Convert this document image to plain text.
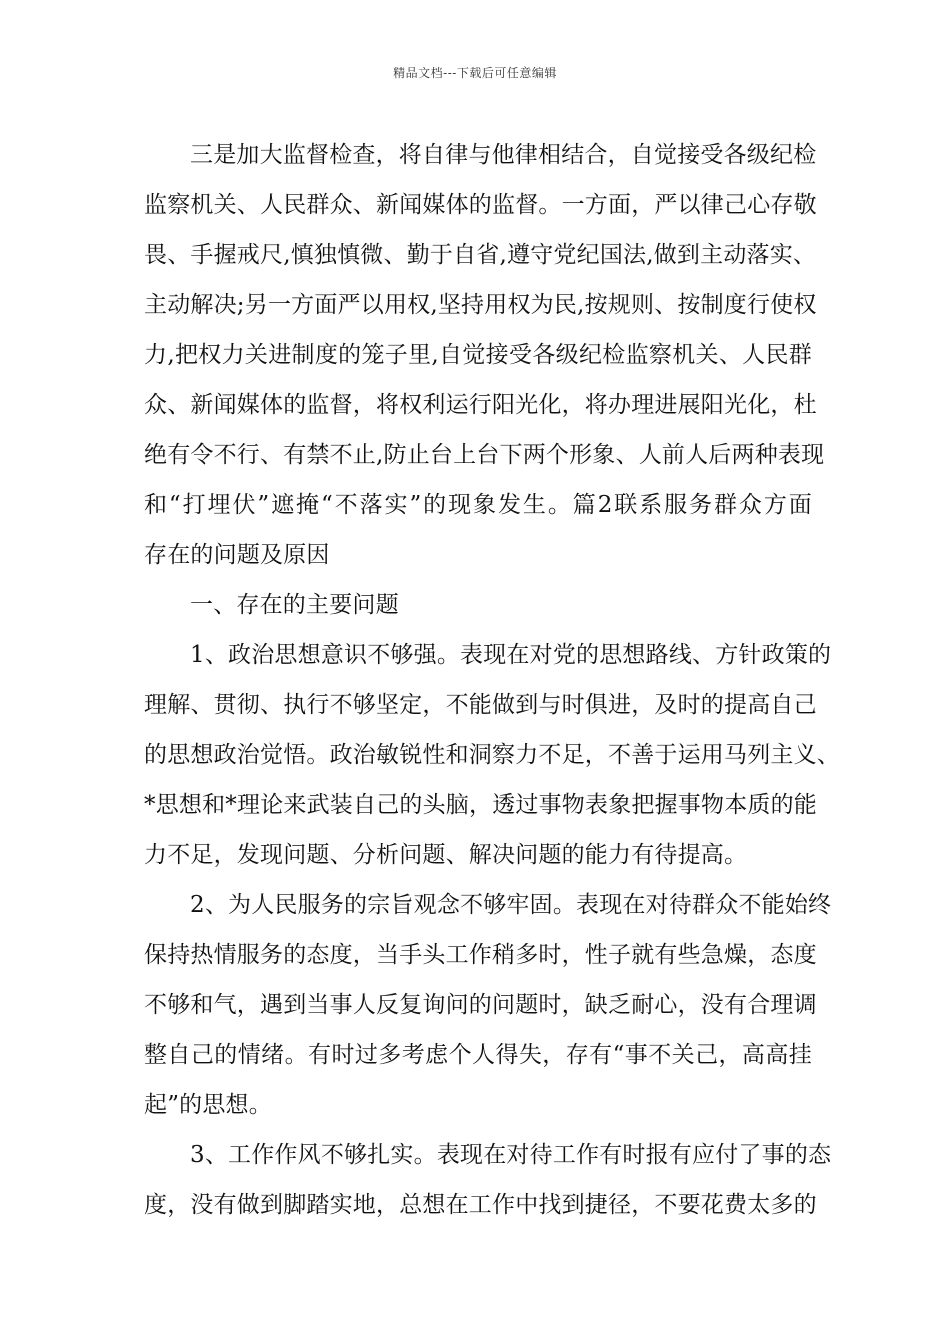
精品文档---下载后可任意编辑
三是加大监督检查，将自律与他律相结合，自觉接受各级纪检
监察机关、人民群众、新闻媒体的监督。一方面，严以律己心存敬
畏、手握戒尺,慎独慎微、勤于自省,遵守党纪国法,做到主动落实、
主动解决;另一方面严以用权,坚持用权为民,按规则、按制度行使权
力,把权力关进制度的笼子里,自觉接受各级纪检监察机关、人民群
众、新闻媒体的监督，将权利运行阳光化，将办理进展阳光化，杜
绝有令不行、有禁不止,防止台上台下两个形象、人前人后两种表现
和“打埋伏”遮掩“不落实”的现象发生。篇2联系服务群众方面
存在的问题及原因
一、存在的主要问题
1、政治思想意识不够强。表现在对党的思想路线、方针政策的
理解、贯彻、执行不够坚定，不能做到与时俱进，及时的提高自己
的思想政治觉悟。政治敏锐性和洞察力不足，不善于运用马列主义、
*思想和*理论来武装自己的头脑，透过事物表象把握事物本质的能
力不足，发现问题、分析问题、解决问题的能力有待提高。
2、为人民服务的宗旨观念不够牢固。表现在对待群众不能始终
保持热情服务的态度，当手头工作稍多时，性子就有些急燥，态度
不够和气，遇到当事人反复询问的问题时，缺乏耐心，没有合理调
整自己的情绪。有时过多考虑个人得失，存有“事不关己，高高挂
起”的思想。
3、工作作风不够扎实。表现在对待工作有时报有应付了事的态
度，没有做到脚踏实地，总想在工作中找到捷径，不要花费太多的
